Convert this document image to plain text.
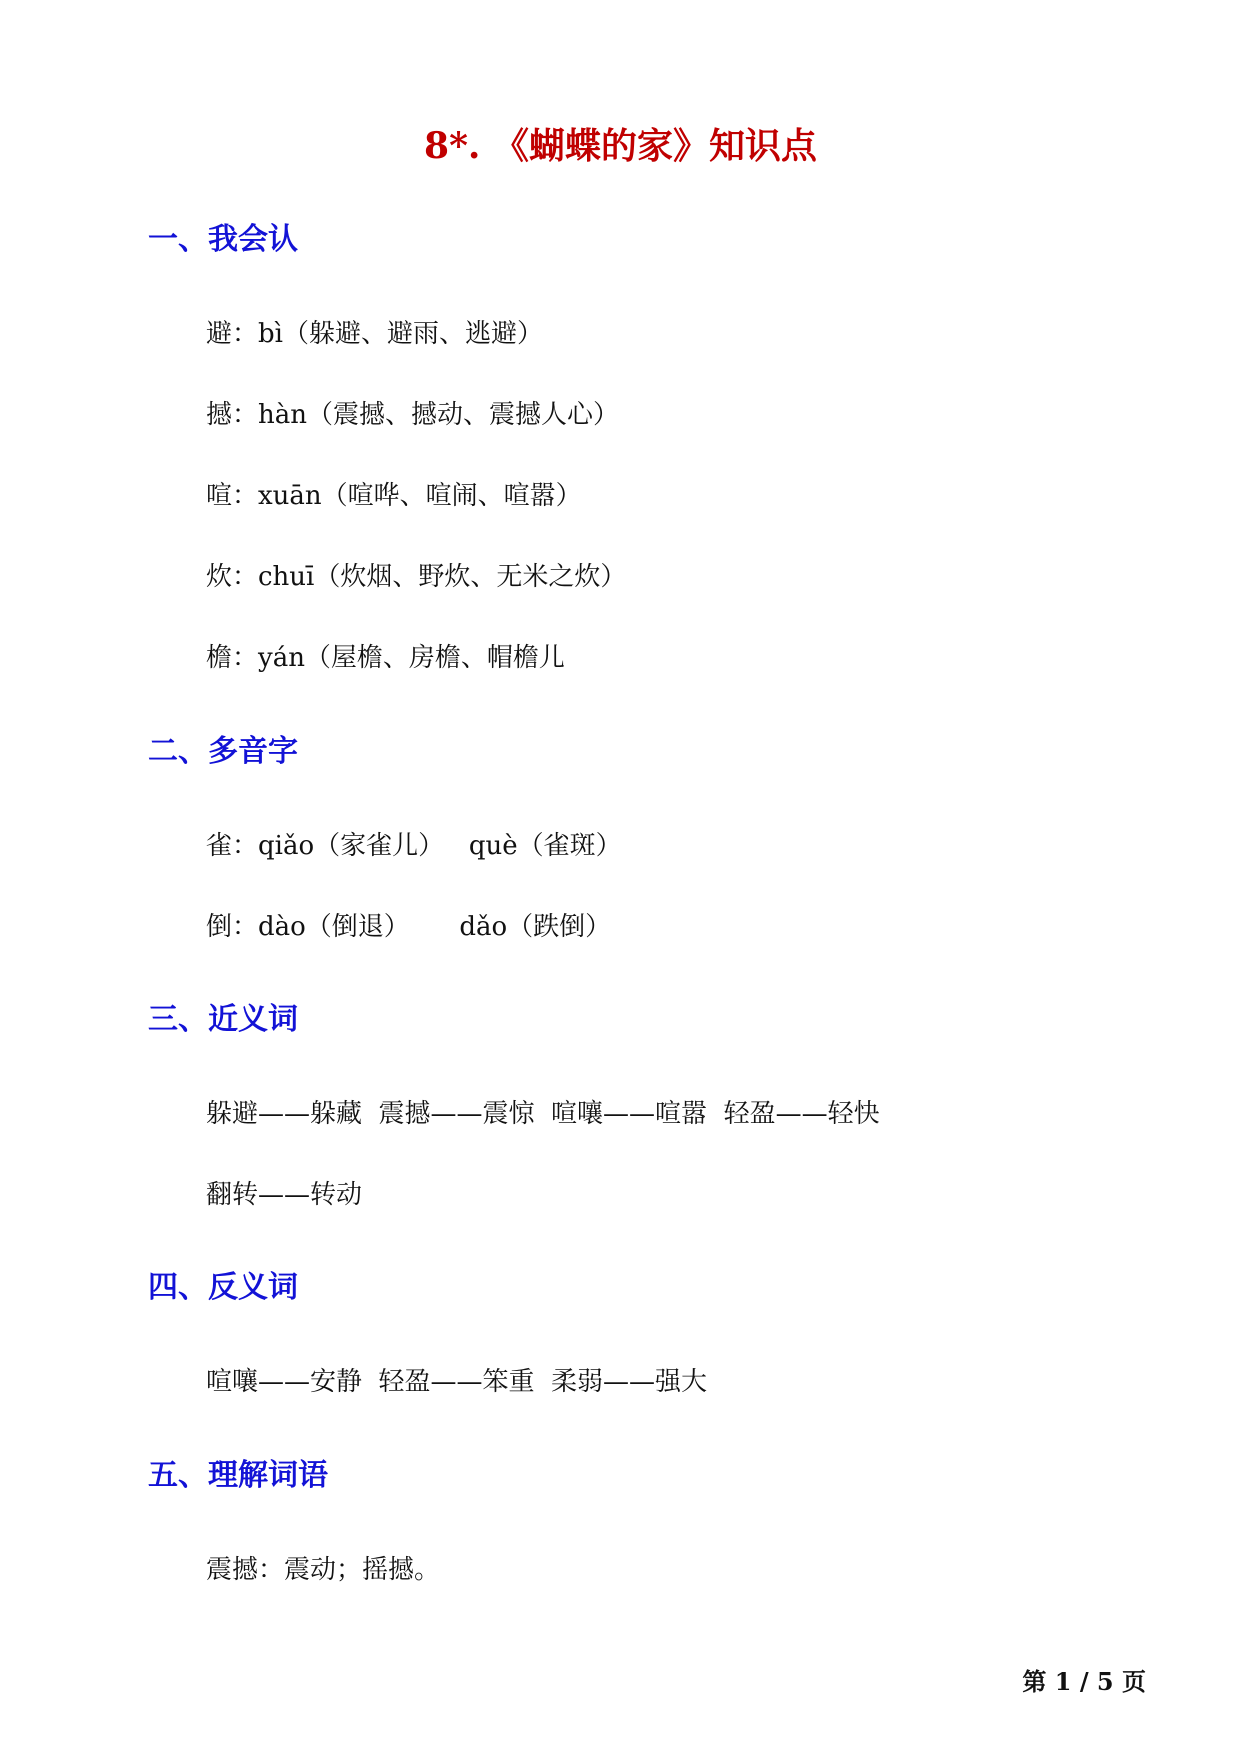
8*. 《蝴蝶的家》知识点
一、我会认
避：bì（躲避、避雨、逃避）
撼：hàn（震撼、撼动、震撼人心）
喧：xuān（喧哗、喧闹、喧嚣）
炊：chuī（炊烟、野炊、无米之炊）
檐：yán（屋檐、房檐、帽檐儿
二、多音字
雀：qiǎo（家雀儿）   què（雀斑）
倒：dào（倒退）      dǎo（跌倒）
三、近义词
躲避——躲藏  震撼——震惊  喧嚷——喧嚣  轻盈——轻快
翻转——转动
四、反义词
喧嚷——安静  轻盈——笨重  柔弱——强大
五、理解词语
震撼：震动；摇撼。
第 1 / 5 页
